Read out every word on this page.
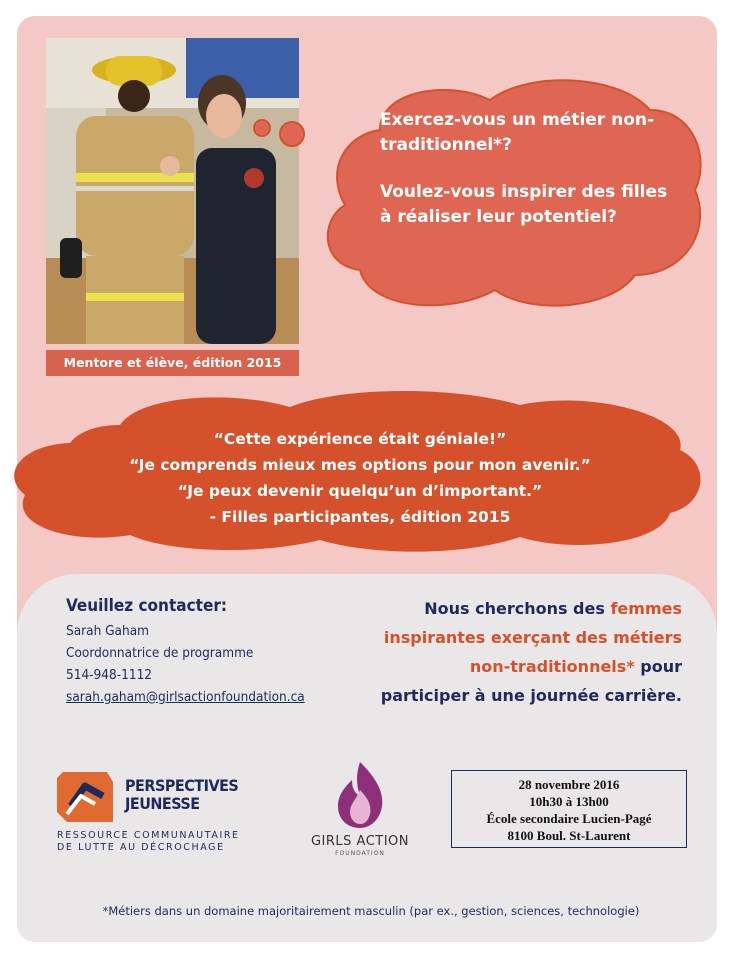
Mentore et élève, édition 2015

Exercez-vous un métier non-traditionnel*?

Voulez-vous inspirer des filles à réaliser leur potentiel?

“Cette expérience était géniale!”
“Je comprends mieux mes options pour mon avenir.”
“Je peux devenir quelqu’un d’important.”
- Filles participantes, édition 2015
Veuillez contacter:
Sarah Gaham
Coordonnatrice de programme
514-948-1112
sarah.gaham@girlsactionfoundation.ca
Nous cherchons des femmes inspirantes exerçant des métiers non-traditionnels* pour participer à une journée carrière.
PERSPECTIVES
JEUNESSE
RESSOURCE COMMUNAUTAIRE
DE LUTTE AU DÉCROCHAGE	GIRLS ACTION
FOUNDATION
28 novembre 2016
10h30 à 13h00
École secondaire Lucien-Pagé
8100 Boul. St-Laurent
*Métiers dans un domaine majoritairement masculin (par ex., gestion, sciences, technologie)
